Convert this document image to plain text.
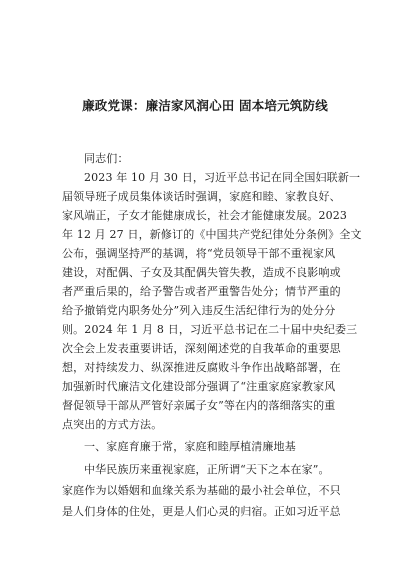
廉政党课：廉洁家风润心田 固本培元筑防线
同志们：
2023 年 10 月 30 日，习近平总书记在同全国妇联新一
届领导班子成员集体谈话时强调，家庭和睦、家教良好、
家风端正，子女才能健康成长，社会才能健康发展。2023
年 12 月 27 日，新修订的《中国共产党纪律处分条例》全文
公布，强调坚持严的基调，将“党员领导干部不重视家风
建设，对配偶、子女及其配偶失管失教，造成不良影响或
者严重后果的，给予警告或者严重警告处分；情节严重的
给予撤销党内职务处分”列入违反生活纪律行为的处分分
则。2024 年 1 月 8 日，习近平总书记在二十届中央纪委三
次全会上发表重要讲话，深刻阐述党的自我革命的重要思
想，对持续发力、纵深推进反腐败斗争作出战略部署，在
加强新时代廉洁文化建设部分强调了“注重家庭家教家风
督促领导干部从严管好亲属子女”等在内的落细落实的重
点突出的方式方法。
一、家庭育廉于常，家庭和睦厚植清廉地基
中华民族历来重视家庭，正所谓“天下之本在家”。
家庭作为以婚姻和血缘关系为基础的最小社会单位，不只
是人们身体的住处，更是人们心灵的归宿。正如习近平总
